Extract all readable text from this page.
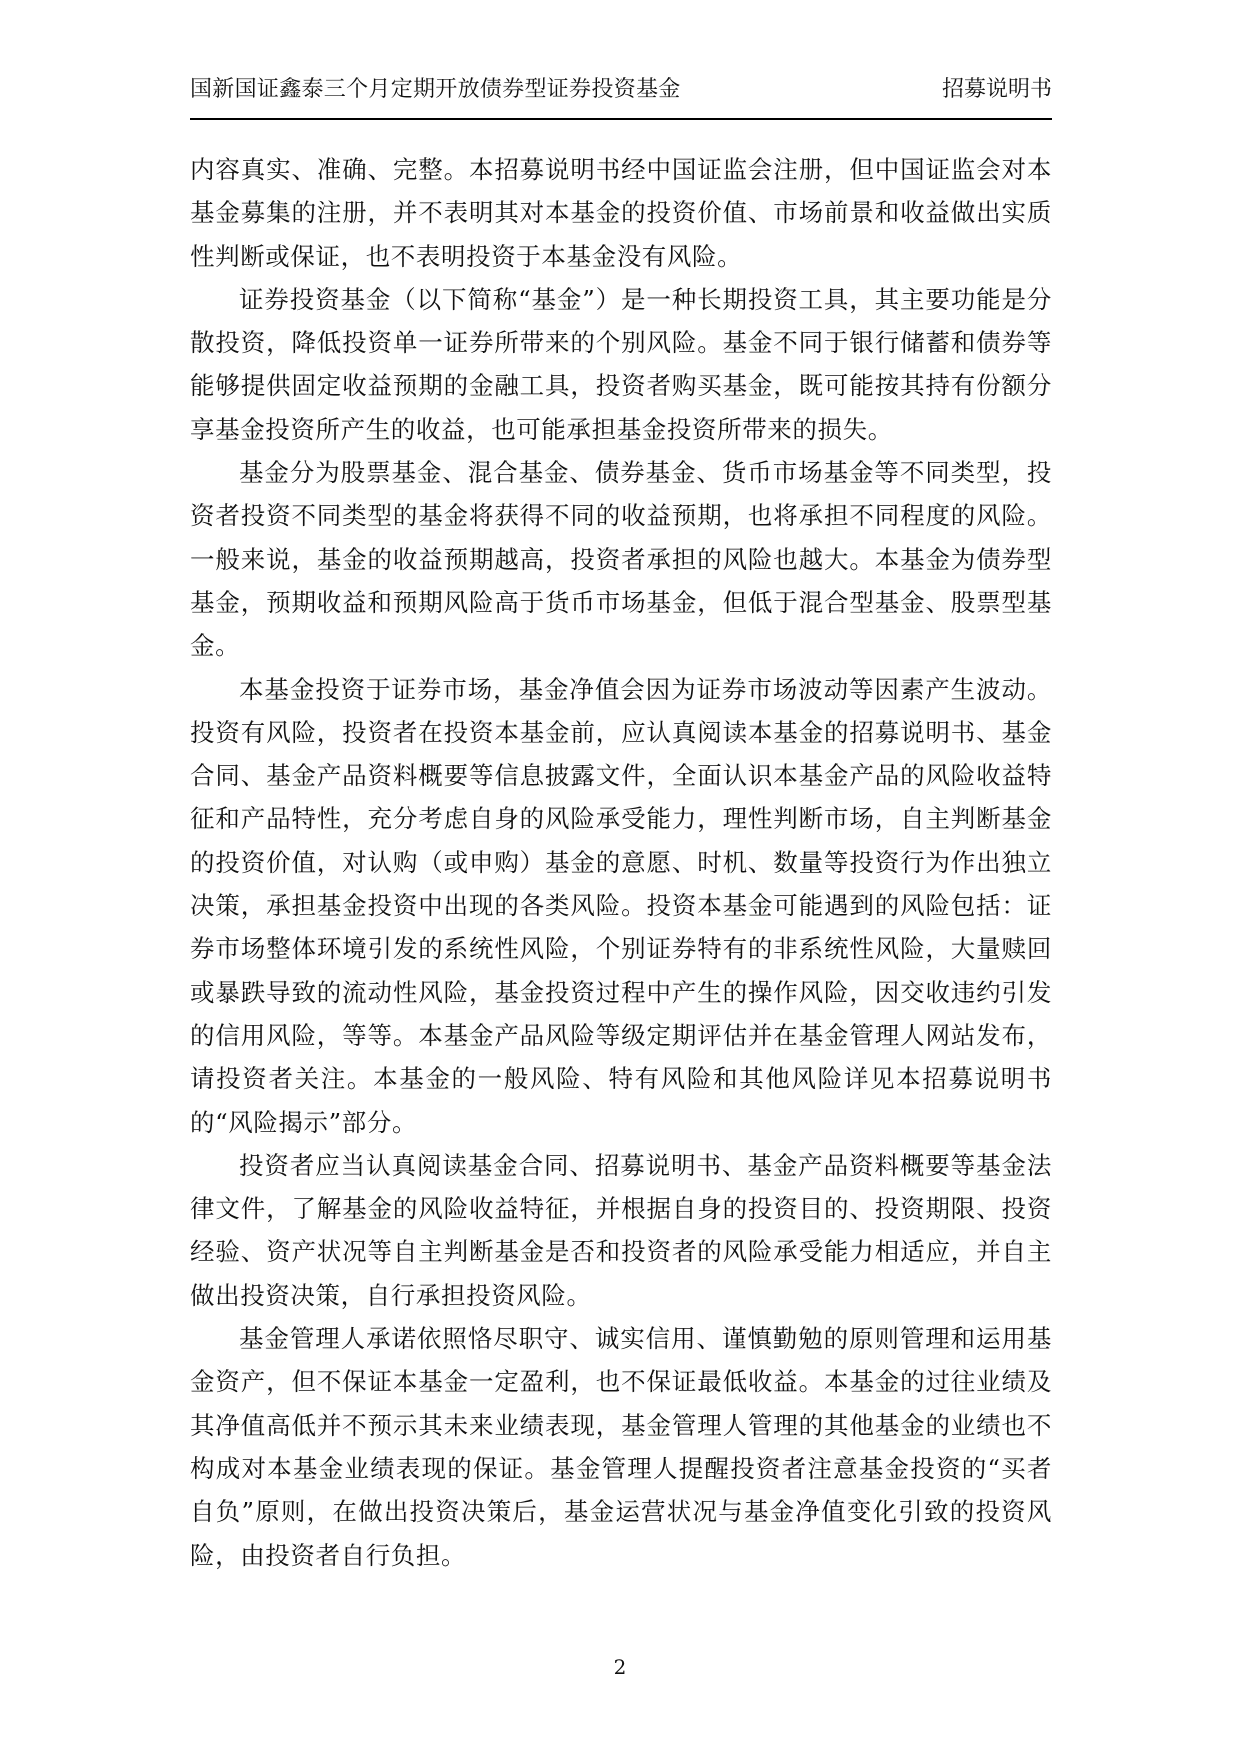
国新国证鑫泰三个月定期开放债券型证券投资基金	招募说明书

内容真实、准确、完整。本招募说明书经中国证监会注册，但中国证监会对本基金募集的注册，并不表明其对本基金的投资价值、市场前景和收益做出实质性判断或保证，也不表明投资于本基金没有风险。

证券投资基金（以下简称“基金”）是一种长期投资工具，其主要功能是分散投资，降低投资单一证券所带来的个别风险。基金不同于银行储蓄和债券等能够提供固定收益预期的金融工具，投资者购买基金，既可能按其持有份额分享基金投资所产生的收益，也可能承担基金投资所带来的损失。

基金分为股票基金、混合基金、债券基金、货币市场基金等不同类型，投资者投资不同类型的基金将获得不同的收益预期，也将承担不同程度的风险。一般来说，基金的收益预期越高，投资者承担的风险也越大。本基金为债券型基金，预期收益和预期风险高于货币市场基金，但低于混合型基金、股票型基金。

本基金投资于证券市场，基金净值会因为证券市场波动等因素产生波动。投资有风险，投资者在投资本基金前，应认真阅读本基金的招募说明书、基金合同、基金产品资料概要等信息披露文件，全面认识本基金产品的风险收益特征和产品特性，充分考虑自身的风险承受能力，理性判断市场，自主判断基金的投资价值，对认购（或申购）基金的意愿、时机、数量等投资行为作出独立决策，承担基金投资中出现的各类风险。投资本基金可能遇到的风险包括：证券市场整体环境引发的系统性风险，个别证券特有的非系统性风险，大量赎回或暴跌导致的流动性风险，基金投资过程中产生的操作风险，因交收违约引发的信用风险，等等。本基金产品风险等级定期评估并在基金管理人网站发布，请投资者关注。本基金的一般风险、特有风险和其他风险详见本招募说明书的“风险揭示”部分。

投资者应当认真阅读基金合同、招募说明书、基金产品资料概要等基金法律文件，了解基金的风险收益特征，并根据自身的投资目的、投资期限、投资经验、资产状况等自主判断基金是否和投资者的风险承受能力相适应，并自主做出投资决策，自行承担投资风险。

基金管理人承诺依照恪尽职守、诚实信用、谨慎勤勉的原则管理和运用基金资产，但不保证本基金一定盈利，也不保证最低收益。本基金的过往业绩及其净值高低并不预示其未来业绩表现，基金管理人管理的其他基金的业绩也不构成对本基金业绩表现的保证。基金管理人提醒投资者注意基金投资的“买者自负”原则，在做出投资决策后，基金运营状况与基金净值变化引致的投资风险，由投资者自行负担。

2
